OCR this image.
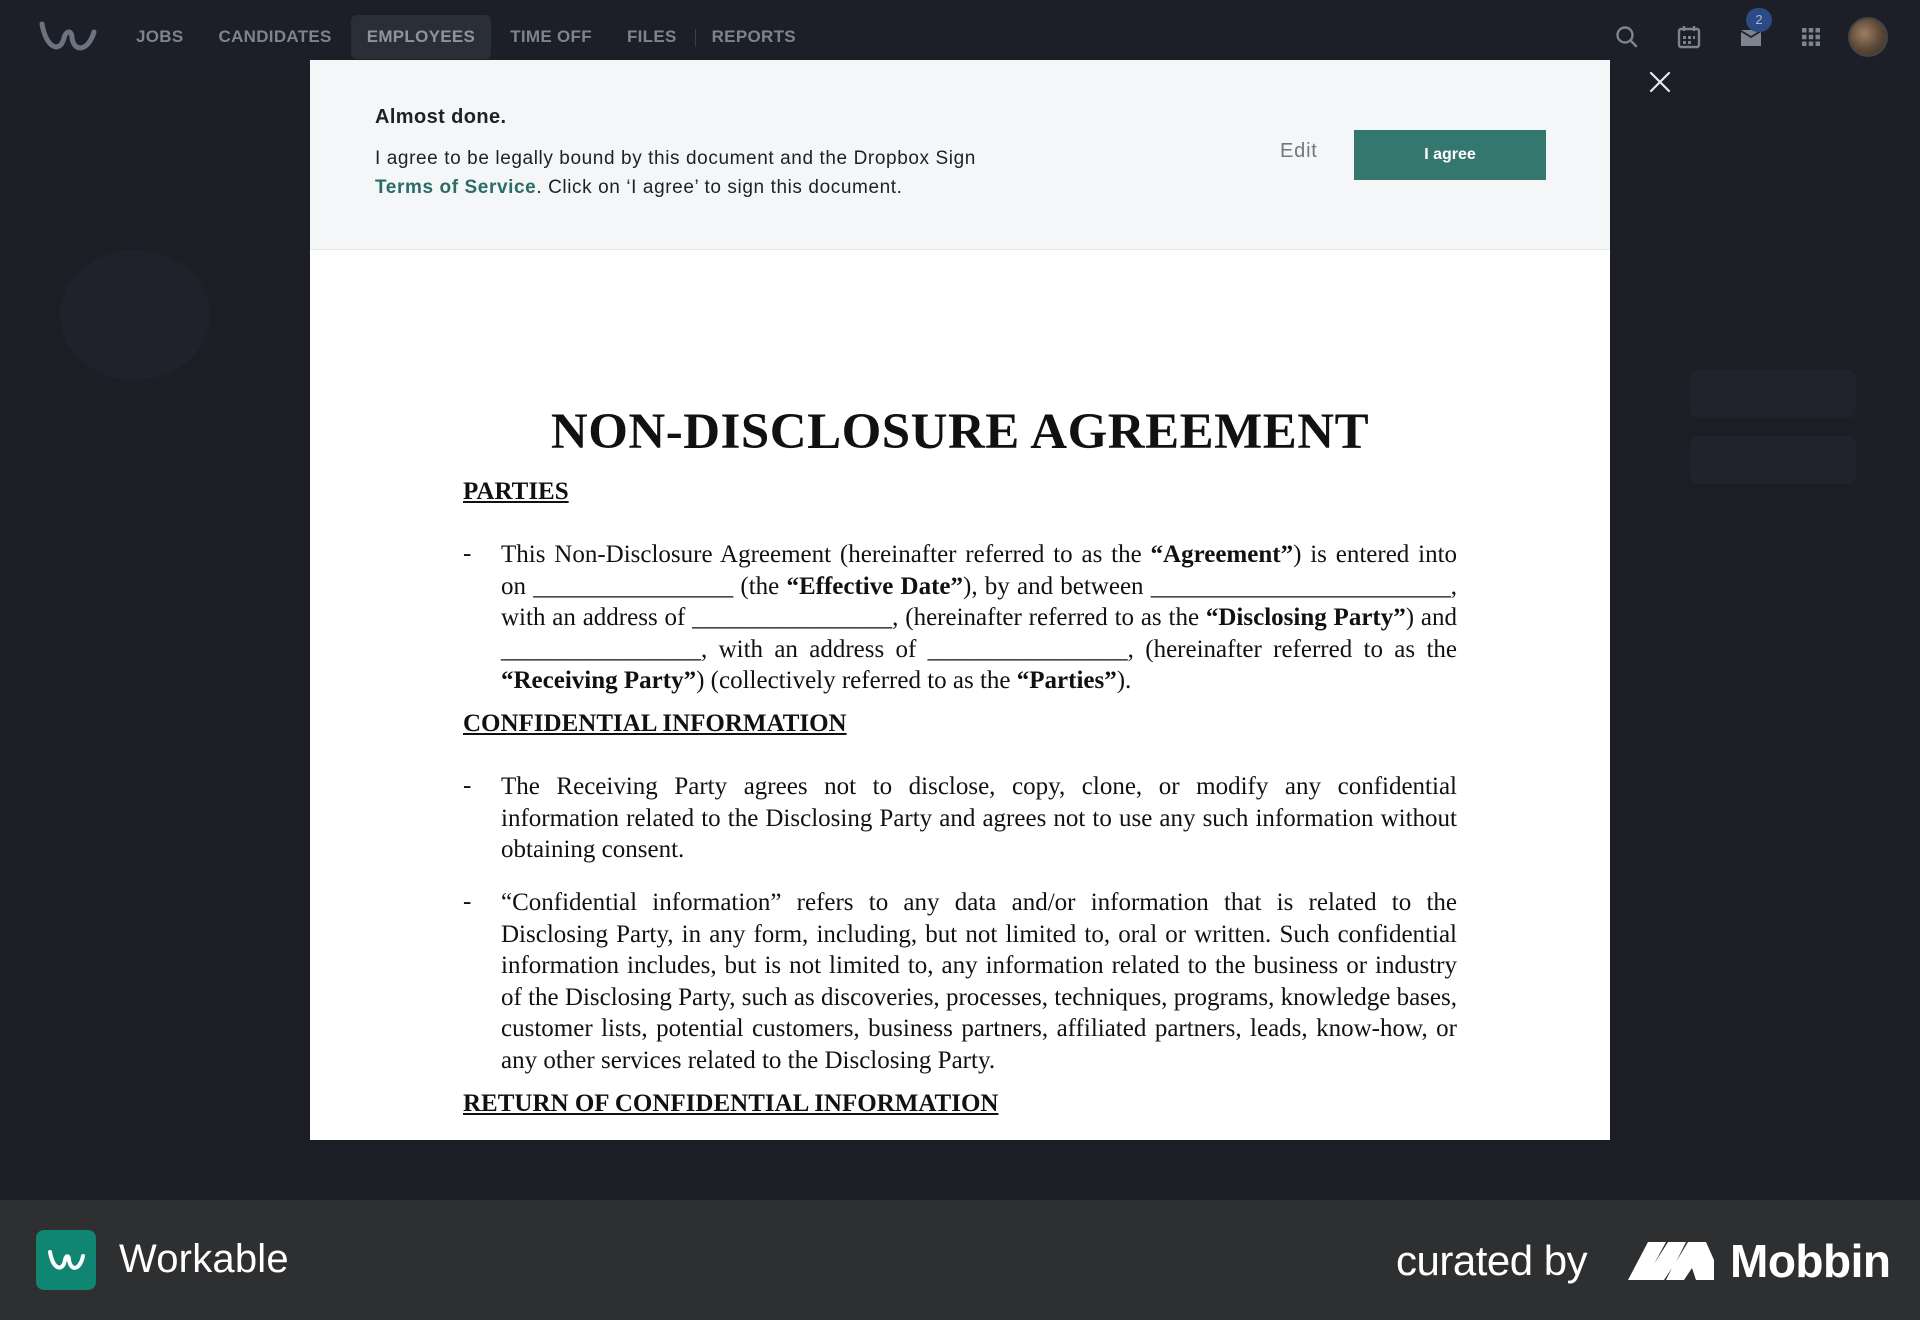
JOBS	CANDIDATES	EMPLOYEES	TIME OFF	FILES	REPORTS
2
Almost done.
I agree to be legally bound by this document and the Dropbox Sign
Terms of Service. Click on ‘I agree’ to sign this document.
Edit	I agree
NON-DISCLOSURE AGREEMENT
PARTIES
- This Non-Disclosure Agreement (hereinafter referred to as the “Agreement”) is entered into on ________________ (the “Effective Date”), by and between ________________________, with an address of ________________, (hereinafter referred to as the “Disclosing Party”) and ________________, with an address of ________________, (hereinafter referred to as the “Receiving Party”) (collectively referred to as the “Parties”).
CONFIDENTIAL INFORMATION
- The Receiving Party agrees not to disclose, copy, clone, or modify any confidential information related to the Disclosing Party and agrees not to use any such information without obtaining consent.
- “Confidential information” refers to any data and/or information that is related to the Disclosing Party, in any form, including, but not limited to, oral or written. Such confidential information includes, but is not limited to, any information related to the business or industry of the Disclosing Party, such as discoveries, processes, techniques, programs, knowledge bases, customer lists, potential customers, business partners, affiliated partners, leads, know-how, or any other services related to the Disclosing Party.
RETURN OF CONFIDENTIAL INFORMATION
Workable	curated by	Mobbin
